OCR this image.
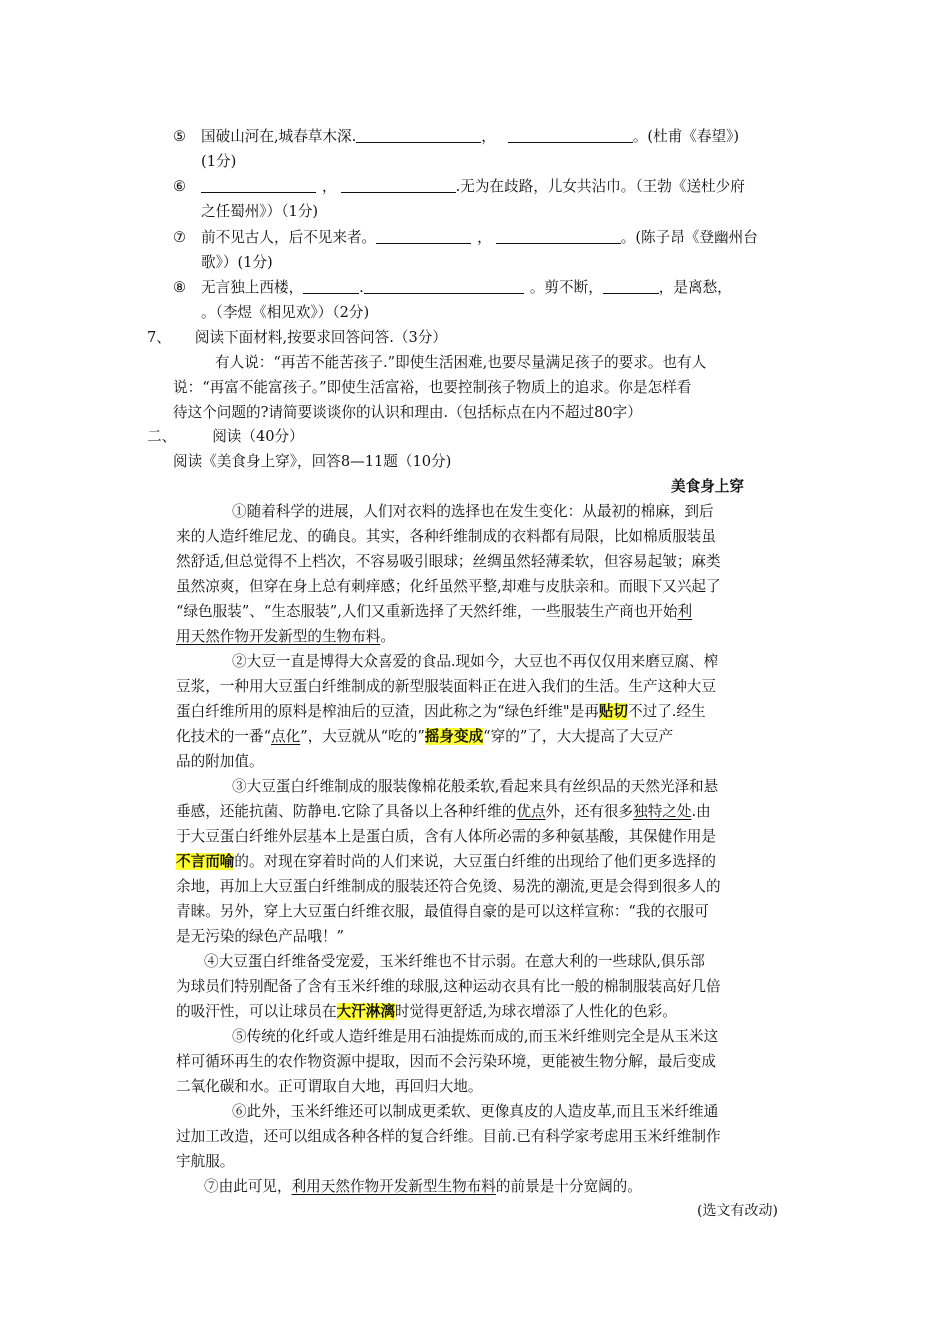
⑤ 国破山河在,城春草木深.	，	。(杜甫《春望》)
(1分)
⑥	，	.无为在歧路，儿女共沾巾。（王勃《送杜少府
之任蜀州》）（1分)
⑦ 前不见古人，后不见来者。	，	。(陈子昂《登幽州台
歌》）(1分)
⑧ 无言独上西楼，	.	。剪不断，	，是离愁，
。（李煜《相见欢》）（2分)
7、 阅读下面材料,按要求回答问答.（3分）
有人说：“再苦不能苦孩子.”即使生活困难,也要尽量满足孩子的要求。也有人
说：“再富不能富孩子。”即使生活富裕，也要控制孩子物质上的追求。你是怎样看
待这个问题的?请简要谈谈你的认识和理由.（包括标点在内不超过80字）
二、 阅读（40分）
阅读《美食身上穿》，回答8—11题（10分)
美食身上穿
①随着科学的进展，人们对衣料的选择也在发生变化：从最初的棉麻，到后
来的人造纤维尼龙、的确良。其实，各种纤维制成的衣料都有局限，比如棉质服装虽
然舒适,但总觉得不上档次，不容易吸引眼球；丝绸虽然轻薄柔软，但容易起皱；麻类
虽然凉爽，但穿在身上总有刺痒感；化纤虽然平整,却难与皮肤亲和。而眼下又兴起了
“绿色服装”、“生态服装”,人们又重新选择了天然纤维，一些服装生产商也开始利
用天然作物开发新型的生物布料。
②大豆一直是博得大众喜爱的食品.现如今，大豆也不再仅仅用来磨豆腐、榨
豆浆，一种用大豆蛋白纤维制成的新型服装面料正在进入我们的生活。生产这种大豆
蛋白纤维所用的原料是榨油后的豆渣，因此称之为“绿色纤维"是再贴切不过了.经生
化技术的一番“点化”，大豆就从“吃的”摇身变成“穿的”了，大大提高了大豆产
品的附加值。
③大豆蛋白纤维制成的服装像棉花般柔软,看起来具有丝织品的天然光泽和悬
垂感，还能抗菌、防静电.它除了具备以上各种纤维的优点外，还有很多独特之处.由
于大豆蛋白纤维外层基本上是蛋白质，含有人体所必需的多种氨基酸，其保健作用是
不言而喻的。对现在穿着时尚的人们来说，大豆蛋白纤维的出现给了他们更多选择的
余地，再加上大豆蛋白纤维制成的服装还符合免烫、易洗的潮流,更是会得到很多人的
青睐。另外，穿上大豆蛋白纤维衣服，最值得自豪的是可以这样宣称：“我的衣服可
是无污染的绿色产品哦！”
④大豆蛋白纤维备受宠爱，玉米纤维也不甘示弱。在意大利的一些球队,俱乐部
为球员们特别配备了含有玉米纤维的球服,这种运动衣具有比一般的棉制服装高好几倍
的吸汗性，可以让球员在大汗淋漓时觉得更舒适,为球衣增添了人性化的色彩。
⑤传统的化纤或人造纤维是用石油提炼而成的,而玉米纤维则完全是从玉米这
样可循环再生的农作物资源中提取，因而不会污染环境，更能被生物分解，最后变成
二氧化碳和水。正可谓取自大地，再回归大地。
⑥此外，玉米纤维还可以制成更柔软、更像真皮的人造皮革,而且玉米纤维通
过加工改造，还可以组成各种各样的复合纤维。目前.已有科学家考虑用玉米纤维制作
宇航服。
⑦由此可见，利用天然作物开发新型生物布料的前景是十分宽阔的。
(选文有改动)
